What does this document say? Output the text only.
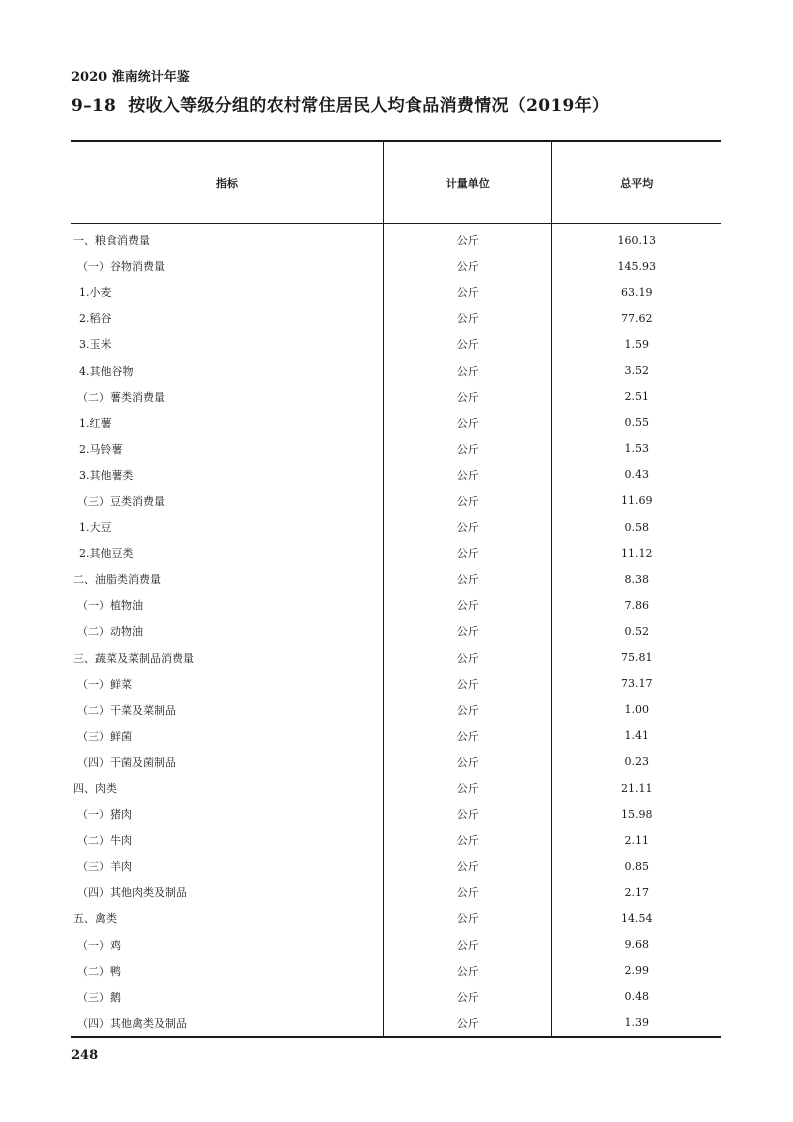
2020 淮南统计年鉴
9–18 按收入等级分组的农村常住居民人均食品消费情况（2019年）
指标	计量单位	总平均
一、粮食消费量	公斤	160.13
（一）谷物消费量	公斤	145.93
1.小麦	公斤	63.19
2.稻谷	公斤	77.62
3.玉米	公斤	1.59
4.其他谷物	公斤	3.52
（二）薯类消费量	公斤	2.51
1.红薯	公斤	0.55
2.马铃薯	公斤	1.53
3.其他薯类	公斤	0.43
（三）豆类消费量	公斤	11.69
1.大豆	公斤	0.58
2.其他豆类	公斤	11.12
二、油脂类消费量	公斤	8.38
（一）植物油	公斤	7.86
（二）动物油	公斤	0.52
三、蔬菜及菜制品消费量	公斤	75.81
（一）鲜菜	公斤	73.17
（二）干菜及菜制品	公斤	1.00
（三）鲜菌	公斤	1.41
（四）干菌及菌制品	公斤	0.23
四、肉类	公斤	21.11
（一）猪肉	公斤	15.98
（二）牛肉	公斤	2.11
（三）羊肉	公斤	0.85
（四）其他肉类及制品	公斤	2.17
五、禽类	公斤	14.54
（一）鸡	公斤	9.68
（二）鸭	公斤	2.99
（三）鹅	公斤	0.48
（四）其他禽类及制品	公斤	1.39
248
